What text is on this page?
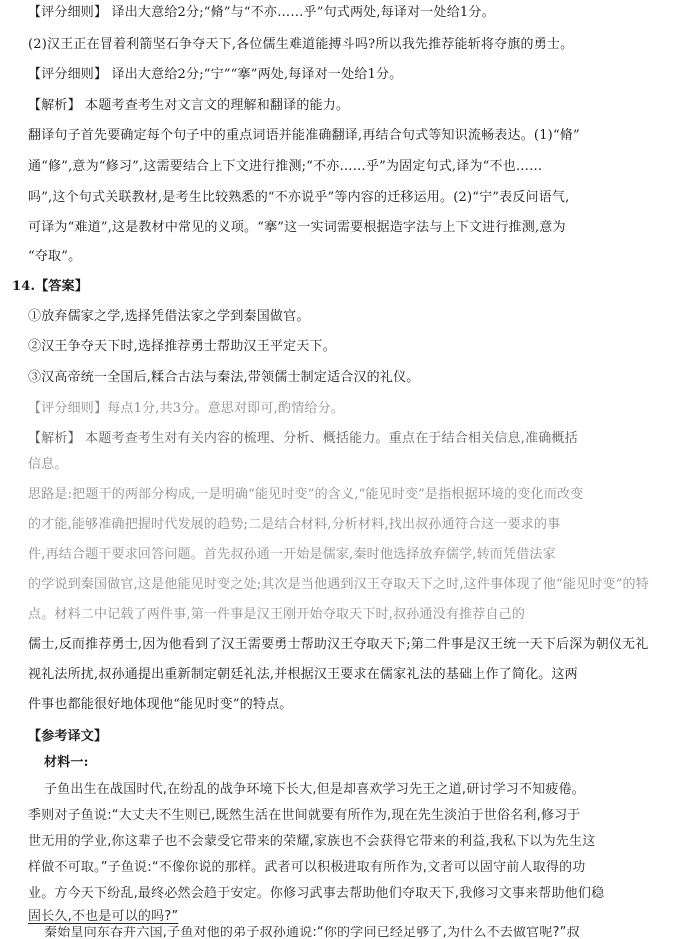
【评分细则】 译出大意给2分;“脩”与“不亦……乎”句式两处,每译对一处给1分。
(2)汉王正在冒着利箭坚石争夺天下,各位儒生难道能搏斗吗?所以我先推荐能斩将夺旗的勇士。
【评分细则】 译出大意给2分;“宁”“搴”两处,每译对一处给1分。
【解析】 本题考查考生对文言文的理解和翻译的能力。
翻译句子首先要确定每个句子中的重点词语并能准确翻译,再结合句式等知识流畅表达。(1)“脩”
通“修”,意为“修习”,这需要结合上下文进行推测;“不亦……乎”为固定句式,译为“不也……
吗”,这个句式关联教材,是考生比较熟悉的“不亦说乎”等内容的迁移运用。(2)“宁”表反问语气,
可译为“难道”,这是教材中常见的义项。“搴”这一实词需要根据造字法与上下文进行推测,意为
“夺取”。
14.【答案】
①放弃儒家之学,选择凭借法家之学到秦国做官。
②汉王争夺天下时,选择推荐勇士帮助汉王平定天下。
③汉高帝统一全国后,糅合古法与秦法,带领儒士制定适合汉的礼仪。
【评分细则】每点1分,共3分。意思对即可,酌情给分。
【解析】 本题考查考生对有关内容的梳理、分析、概括能力。重点在于结合相关信息,准确概括
信息。
思路是:把题干的两部分构成,一是明确“能见时变”的含义,“能见时变”是指根据环境的变化而改变
的才能,能够准确把握时代发展的趋势;二是结合材料,分析材料,找出叔孙通符合这一要求的事
件,再结合题干要求回答问题。首先叔孙通一开始是儒家,秦时他选择放弃儒学,转而凭借法家
的学说到秦国做官,这是他能见时变之处;其次是当他遇到汉王夺取天下之时,这件事体现了他“能见时变”的特
点。材料二中记载了两件事,第一件事是汉王刚开始夺取天下时,叔孙通没有推荐自己的
儒士,反而推荐勇士,因为他看到了汉王需要勇士帮助汉王夺取天下;第二件事是汉王统一天下后深为朝仪无礼
视礼法所扰,叔孙通提出重新制定朝廷礼法,并根据汉王要求在儒家礼法的基础上作了简化。这两
件事也都能很好地体现他“能见时变”的特点。
【参考译文】
材料一:
子鱼出生在战国时代,在纷乱的战争环境下长大,但是却喜欢学习先王之道,研讨学习不知疲倦。
季则对子鱼说:“大丈夫不生则已,既然生活在世间就要有所作为,现在先生淡泊于世俗名利,修习于
世无用的学业,你这辈子也不会蒙受它带来的荣耀,家族也不会获得它带来的利益,我私下以为先生这
样做不可取。”子鱼说:“不像你说的那样。武者可以积极进取有所作为,文者可以固守前人取得的功
业。方今天下纷乱,最终必然会趋于安定。你修习武事去帮助他们夺取天下,我修习文事来帮助他们稳
固长久,不也是可以的吗?”
秦始皇向东吞并六国,子鱼对他的弟子叔孙通说:“你的学问已经足够了,为什么不去做官呢?”叔
